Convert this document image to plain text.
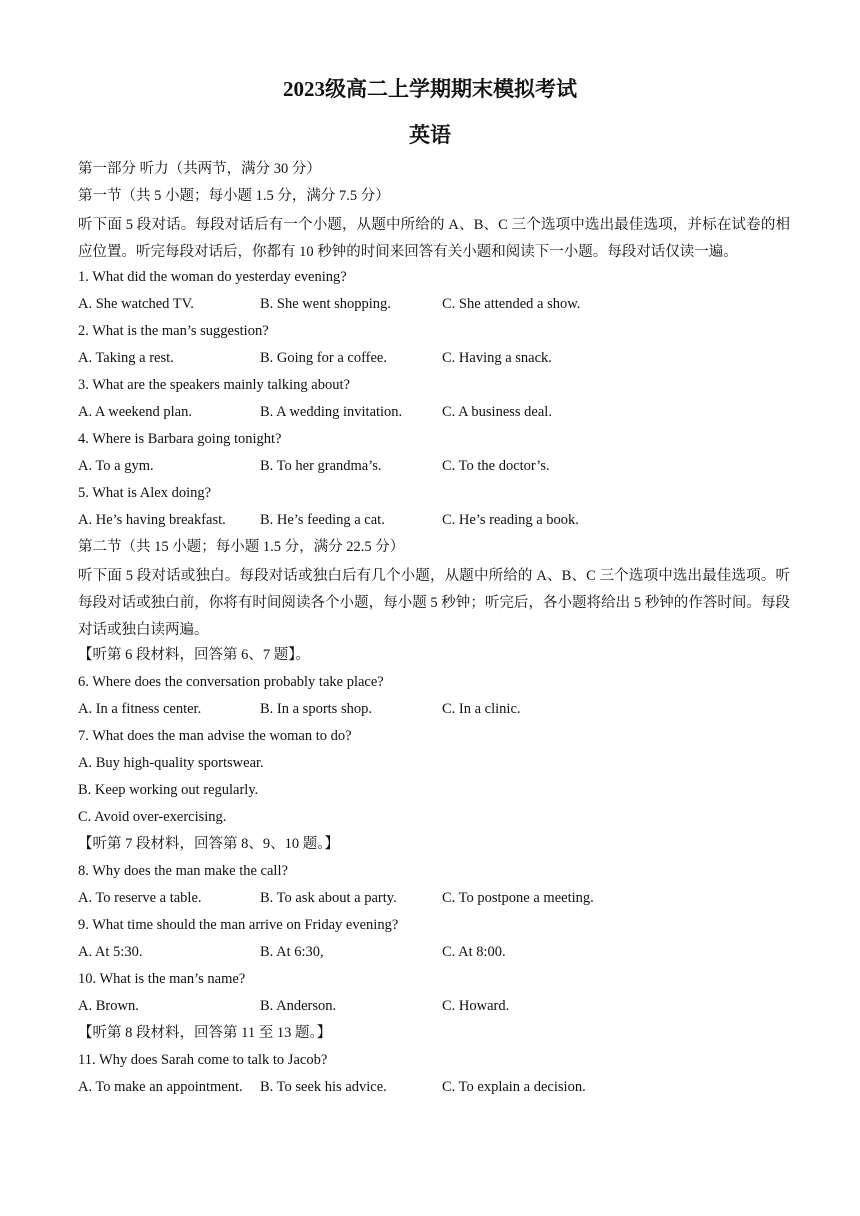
2023级高二上学期期末模拟考试
英语
第一部分 听力（共两节，满分 30 分）
第一节（共 5 小题；每小题 1.5 分，满分 7.5 分）
听下面 5 段对话。每段对话后有一个小题，从题中所给的 A、B、C 三个选项中选出最佳选项，并标在试卷的相应位置。听完每段对话后，你都有 10 秒钟的时间来回答有关小题和阅读下一小题。每段对话仅读一遍。
1. What did the woman do yesterday evening?
A. She watched TV.	B. She went shopping.	C. She attended a show.
2. What is the man’s suggestion?
A. Taking a rest.	B. Going for a coffee.	C. Having a snack.
3. What are the speakers mainly talking about?
A. A weekend plan.	B. A wedding invitation.	C. A business deal.
4. Where is Barbara going tonight?
A. To a gym.	B. To her grandma’s.	C. To the doctor’s.
5. What is Alex doing?
A. He’s having breakfast.	B. He’s feeding a cat.	C. He’s reading a book.
第二节（共 15 小题；每小题 1.5 分，满分 22.5 分）
听下面 5 段对话或独白。每段对话或独白后有几个小题，从题中所给的 A、B、C 三个选项中选出最佳选项。听每段对话或独白前，你将有时间阅读各个小题，每小题 5 秒钟；听完后，各小题将给出 5 秒钟的作答时间。每段对话或独白读两遍。
【听第 6 段材料，回答第 6、7 题】。
6. Where does the conversation probably take place?
A. In a fitness center.	B. In a sports shop.	C. In a clinic.
7. What does the man advise the woman to do?
A. Buy high-quality sportswear.
B. Keep working out regularly.
C. Avoid over-exercising.
【听第 7 段材料，回答第 8、9、10 题。】
8. Why does the man make the call?
A. To reserve a table.	B. To ask about a party.	C. To postpone a meeting.
9. What time should the man arrive on Friday evening?
A. At 5:30.	B. At 6:30,	C. At 8:00.
10. What is the man’s name?
A. Brown.	B. Anderson.	C. Howard.
【听第 8 段材料，回答第 11 至 13 题。】
11. Why does Sarah come to talk to Jacob?
A. To make an appointment.	B. To seek his advice.	C. To explain a decision.
